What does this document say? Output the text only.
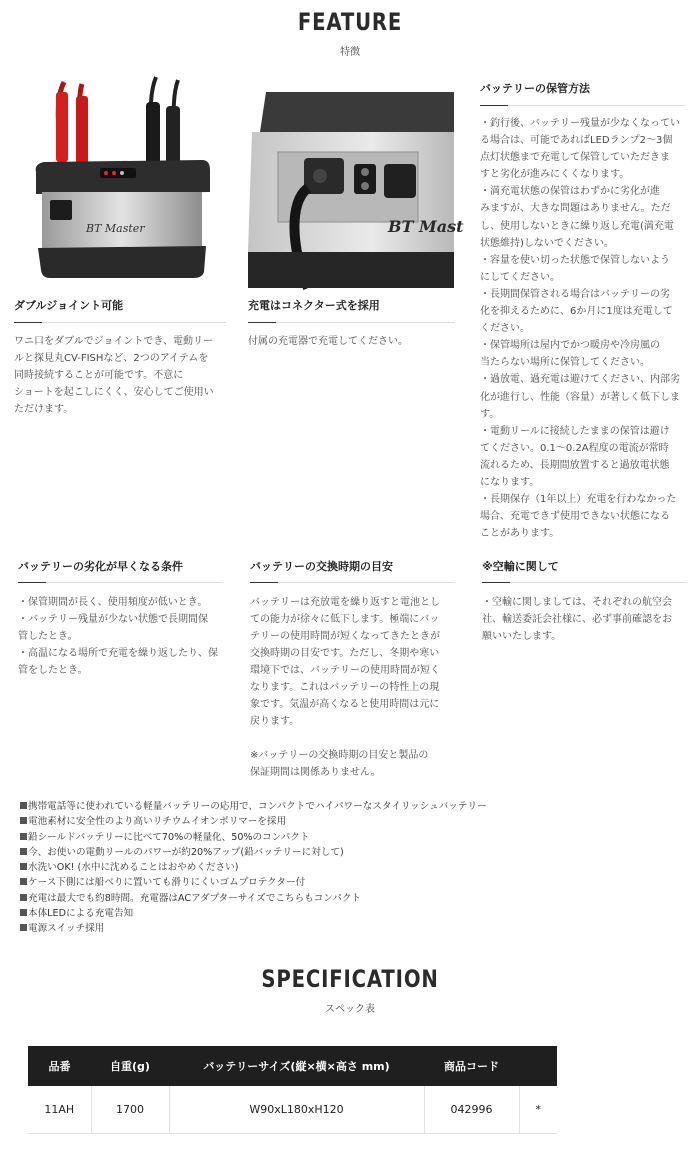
FEATURE
特徴
BT Master	BT Mast
ダブルジョイント可能

ワニ口をダブルでジョイントでき、電動リー

ルと探見丸CV-FISHなど、2つのアイテムを

同時接続することが可能です。不意に

ショートを起こしにくく、安心してご使用い

ただけます。

充電はコネクター式を採用

付属の充電器で充電してください。

バッテリーの保管方法

・釣行後、バッテリー残量が少なくなってい

る場合は、可能であればLEDランプ2〜3個

点灯状態まで充電して保管していただきま

すと劣化が進みにくくなります。

・満充電状態の保管はわずかに劣化が進

みますが、大きな問題はありません。ただ

し、使用しないときに繰り返し充電(満充電

状態維持)しないでください。

・容量を使い切った状態で保管しないよう

にしてください。

・長期間保管される場合はバッテリーの劣

化を抑えるために、6か月に1度は充電して

ください。

・保管場所は屋内でかつ暖房や冷房風の

当たらない場所に保管してください。

・過放電、過充電は避けてください、内部劣

化が進行し、性能（容量）が著しく低下しま

す。

・電動リールに接続したままの保管は避け

てください。0.1〜0.2A程度の電流が常時

流れるため、長期間放置すると過放電状態

になります。

・長期保存（1年以上）充電を行わなかった

場合、充電できず使用できない状態になる

ことがあります。

バッテリーの劣化が早くなる条件

・保管期間が長く、使用頻度が低いとき。

・バッテリー残量が少ない状態で長期間保

管したとき。

・高温になる場所で充電を繰り返したり、保

管をしたとき。

バッテリーの交換時期の目安

バッテリーは充放電を繰り返すと電池とし

ての能力が徐々に低下します。極端にバッ

テリーの使用時間が短くなってきたときが

交換時期の目安です。ただし、冬期や寒い

環境下では、バッテリーの使用時間が短く

なります。これはバッテリーの特性上の現

象です。気温が高くなると使用時間は元に

戻ります。

※バッテリーの交換時期の目安と製品の

保証期間は関係ありません。

※空輸に関して

・空輸に関しましては、それぞれの航空会

社、輸送委託会社様に、必ず事前確認をお

願いいたします。

携帯電話等に使われている軽量バッテリーの応用で、コンパクトでハイパワーなスタイリッシュバッテリー
電池素材に安全性のより高いリチウムイオンポリマーを採用
鉛シールドバッテリーに比べて70%の軽量化、50%のコンパクト
今、お使いの電動リールのパワーが約20%アップ(鉛バッテリーに対して)
水洗いOK! (水中に沈めることはおやめください)
ケース下側には船べりに置いても滑りにくいゴムプロテクター付
充電は最大でも約8時間。充電器はACアダプターサイズでこちらもコンパクト
本体LEDによる充電告知
電源スイッチ採用
SPECIFICATION
スペック表
品番	自重(g)	バッテリーサイズ(縦×横×高さ mm)	商品コード	
11AH	1700	W90xL180xH120	042996	*
